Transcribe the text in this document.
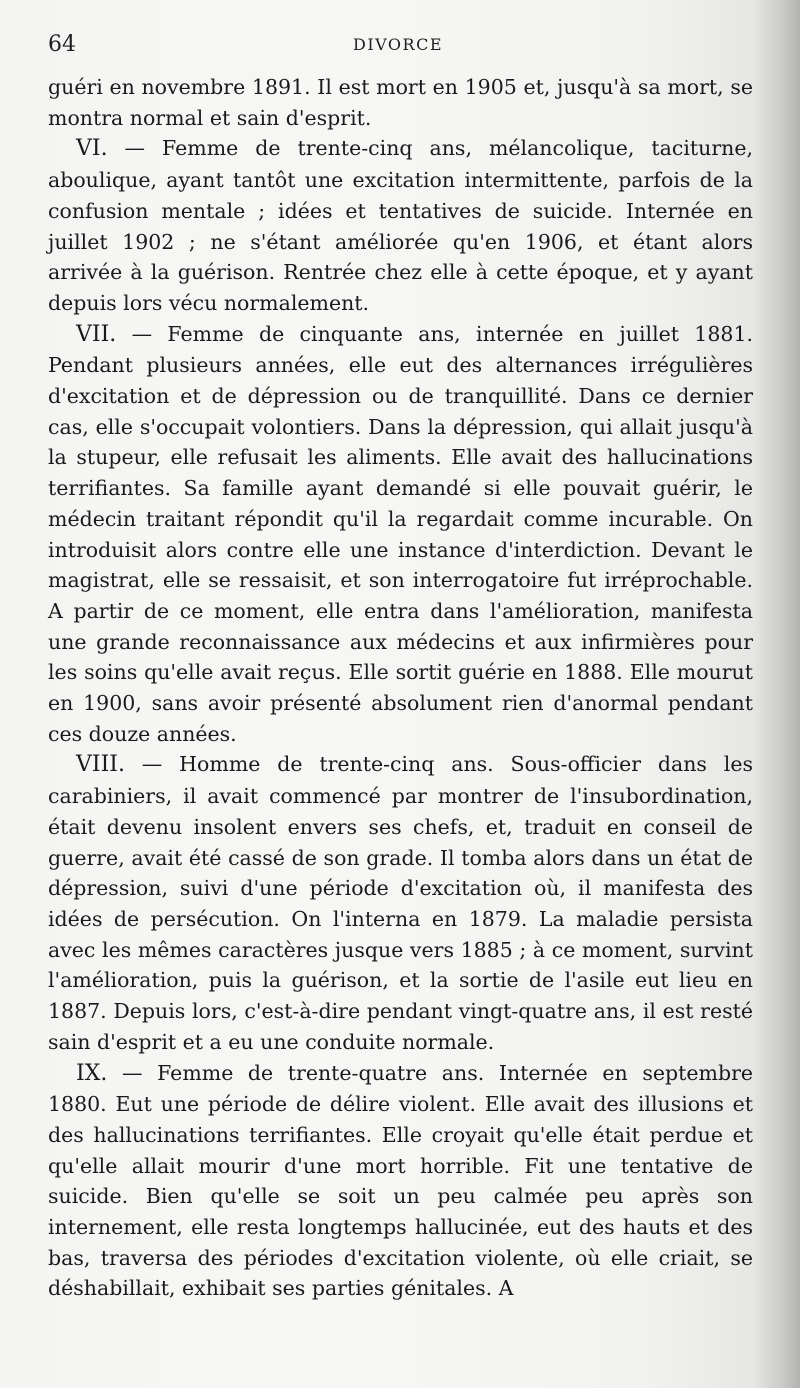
64	DIVORCE

guéri en novembre 1891. Il est mort en 1905 et, jusqu'à sa mort, se montra normal et sain d'esprit.

VI. — Femme de trente-cinq ans, mélancolique, taciturne, aboulique, ayant tantôt une excitation intermittente, parfois de la confusion mentale ; idées et tentatives de suicide. Internée en juillet 1902 ; ne s'étant améliorée qu'en 1906, et étant alors arrivée à la guérison. Rentrée chez elle à cette époque, et y ayant depuis lors vécu normalement.

VII. — Femme de cinquante ans, internée en juillet 1881. Pendant plusieurs années, elle eut des alternances irrégulières d'excitation et de dépression ou de tranquillité. Dans ce dernier cas, elle s'occupait volontiers. Dans la dépression, qui allait jusqu'à la stupeur, elle refusait les aliments. Elle avait des hallucinations terrifiantes. Sa famille ayant demandé si elle pouvait guérir, le médecin traitant répondit qu'il la regardait comme incurable. On introduisit alors contre elle une instance d'interdiction. Devant le magistrat, elle se ressaisit, et son interrogatoire fut irréprochable. A partir de ce moment, elle entra dans l'amélioration, manifesta une grande reconnaissance aux médecins et aux infirmières pour les soins qu'elle avait reçus. Elle sortit guérie en 1888. Elle mourut en 1900, sans avoir présenté absolument rien d'anormal pendant ces douze années.

VIII. — Homme de trente-cinq ans. Sous-officier dans les carabiniers, il avait commencé par montrer de l'insubordination, était devenu insolent envers ses chefs, et, traduit en conseil de guerre, avait été cassé de son grade. Il tomba alors dans un état de dépression, suivi d'une période d'excitation où, il manifesta des idées de persécution. On l'interna en 1879. La maladie persista avec les mêmes caractères jusque vers 1885 ; à ce moment, survint l'amélioration, puis la guérison, et la sortie de l'asile eut lieu en 1887. Depuis lors, c'est-à-dire pendant vingt-quatre ans, il est resté sain d'esprit et a eu une conduite normale.

IX. — Femme de trente-quatre ans. Internée en septembre 1880. Eut une période de délire violent. Elle avait des illusions et des hallucinations terrifiantes. Elle croyait qu'elle était perdue et qu'elle allait mourir d'une mort horrible. Fit une tentative de suicide. Bien qu'elle se soit un peu calmée peu après son internement, elle resta longtemps hallucinée, eut des hauts et des bas, traversa des périodes d'excitation violente, où elle criait, se déshabillait, exhibait ses parties génitales. A
